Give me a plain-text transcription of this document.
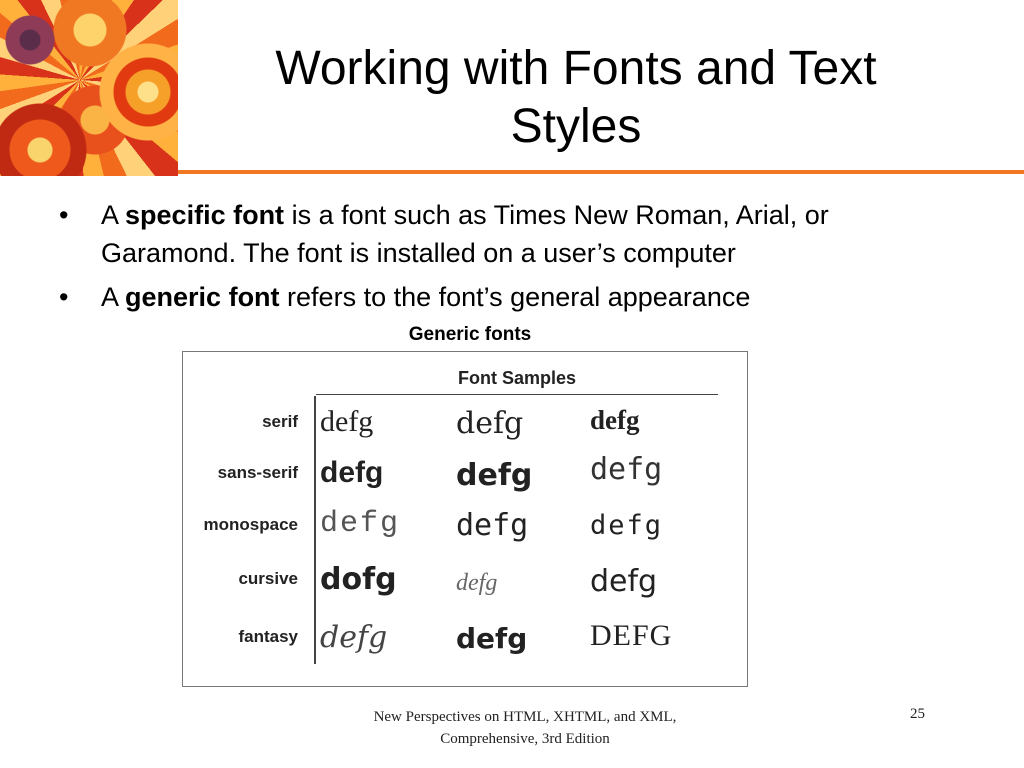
Working with Fonts and Text
Styles
• A specific font is a font such as Times New Roman, Arial, or
Garamond. The font is installed on a user’s computer
• A generic font refers to the font’s general appearance
Generic fonts
Font Samples
serif defg	defg defg
sans-serif defg defg defg
monospace defg defg defg
cursive dofg defg	defg
fantasy defg defg DEFG
New Perspectives on HTML, XHTML, and XML,
Comprehensive, 3rd Edition
25
